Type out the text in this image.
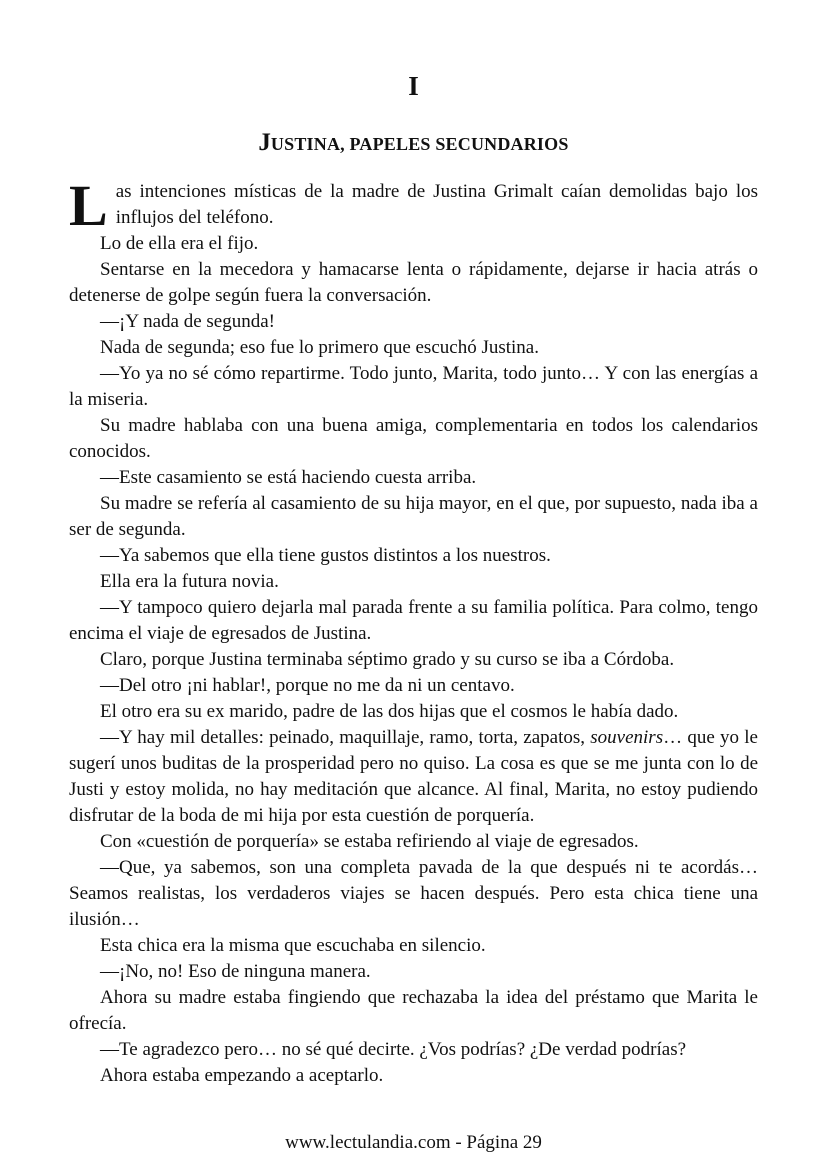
I
JUSTINA, PAPELES SECUNDARIOS

Las intenciones místicas de la madre de Justina Grimalt caían demolidas bajo los influjos del teléfono.

Lo de ella era el fijo.

Sentarse en la mecedora y hamacarse lenta o rápidamente, dejarse ir hacia atrás o detenerse de golpe según fuera la conversación.

—¡Y nada de segunda!

Nada de segunda; eso fue lo primero que escuchó Justina.

—Yo ya no sé cómo repartirme. Todo junto, Marita, todo junto… Y con las energías a la miseria.

Su madre hablaba con una buena amiga, complementaria en todos los calendarios conocidos.

—Este casamiento se está haciendo cuesta arriba.

Su madre se refería al casamiento de su hija mayor, en el que, por supuesto, nada iba a ser de segunda.

—Ya sabemos que ella tiene gustos distintos a los nuestros.

Ella era la futura novia.

—Y tampoco quiero dejarla mal parada frente a su familia política. Para colmo, tengo encima el viaje de egresados de Justina.

Claro, porque Justina terminaba séptimo grado y su curso se iba a Córdoba.

—Del otro ¡ni hablar!, porque no me da ni un centavo.

El otro era su ex marido, padre de las dos hijas que el cosmos le había dado.

—Y hay mil detalles: peinado, maquillaje, ramo, torta, zapatos, souvenirs… que yo le sugerí unos buditas de la prosperidad pero no quiso. La cosa es que se me junta con lo de Justi y estoy molida, no hay meditación que alcance. Al final, Marita, no estoy pudiendo disfrutar de la boda de mi hija por esta cuestión de porquería.

Con «cuestión de porquería» se estaba refiriendo al viaje de egresados.

—Que, ya sabemos, son una completa pavada de la que después ni te acordás… Seamos realistas, los verdaderos viajes se hacen después. Pero esta chica tiene una ilusión…

Esta chica era la misma que escuchaba en silencio.

—¡No, no! Eso de ninguna manera.

Ahora su madre estaba fingiendo que rechazaba la idea del préstamo que Marita le ofrecía.

—Te agradezco pero… no sé qué decirte. ¿Vos podrías? ¿De verdad podrías?

Ahora estaba empezando a aceptarlo.

www.lectulandia.com - Página 29
